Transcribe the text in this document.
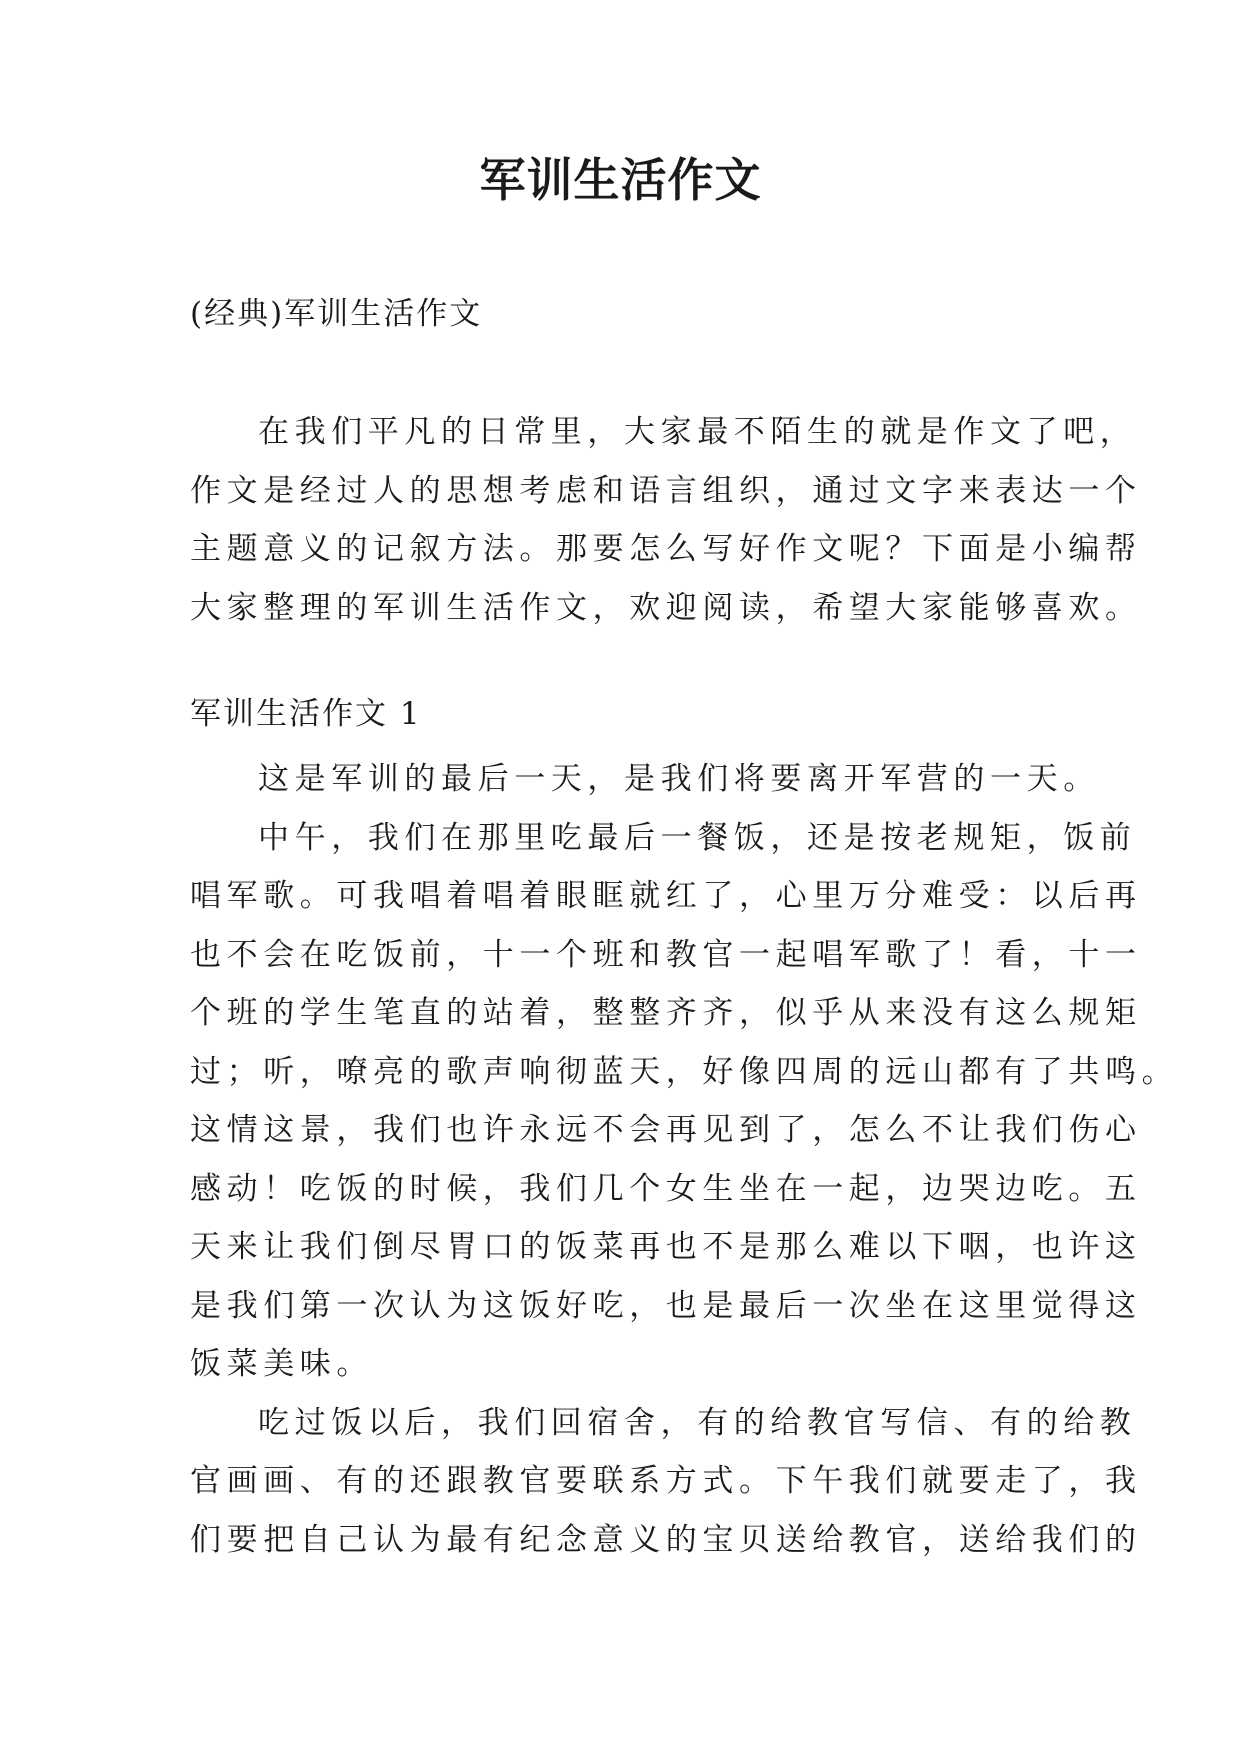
军训生活作文

(经典)军训生活作文

在我们平凡的日常里，大家最不陌生的就是作文了吧，
作文是经过人的思想考虑和语言组织，通过文字来表达一个
主题意义的记叙方法。那要怎么写好作文呢？下面是小编帮
大家整理的军训生活作文，欢迎阅读，希望大家能够喜欢。

军训生活作文 1

这是军训的最后一天，是我们将要离开军营的一天。
中午，我们在那里吃最后一餐饭，还是按老规矩，饭前
唱军歌。可我唱着唱着眼眶就红了，心里万分难受：以后再
也不会在吃饭前，十一个班和教官一起唱军歌了！看，十一
个班的学生笔直的站着，整整齐齐，似乎从来没有这么规矩
过；听，嘹亮的歌声响彻蓝天，好像四周的远山都有了共鸣。
这情这景，我们也许永远不会再见到了，怎么不让我们伤心
感动！吃饭的时候，我们几个女生坐在一起，边哭边吃。五
天来让我们倒尽胃口的饭菜再也不是那么难以下咽，也许这
是我们第一次认为这饭好吃，也是最后一次坐在这里觉得这
饭菜美味。
吃过饭以后，我们回宿舍，有的给教官写信、有的给教
官画画、有的还跟教官要联系方式。下午我们就要走了，我
们要把自己认为最有纪念意义的宝贝送给教官，送给我们的
